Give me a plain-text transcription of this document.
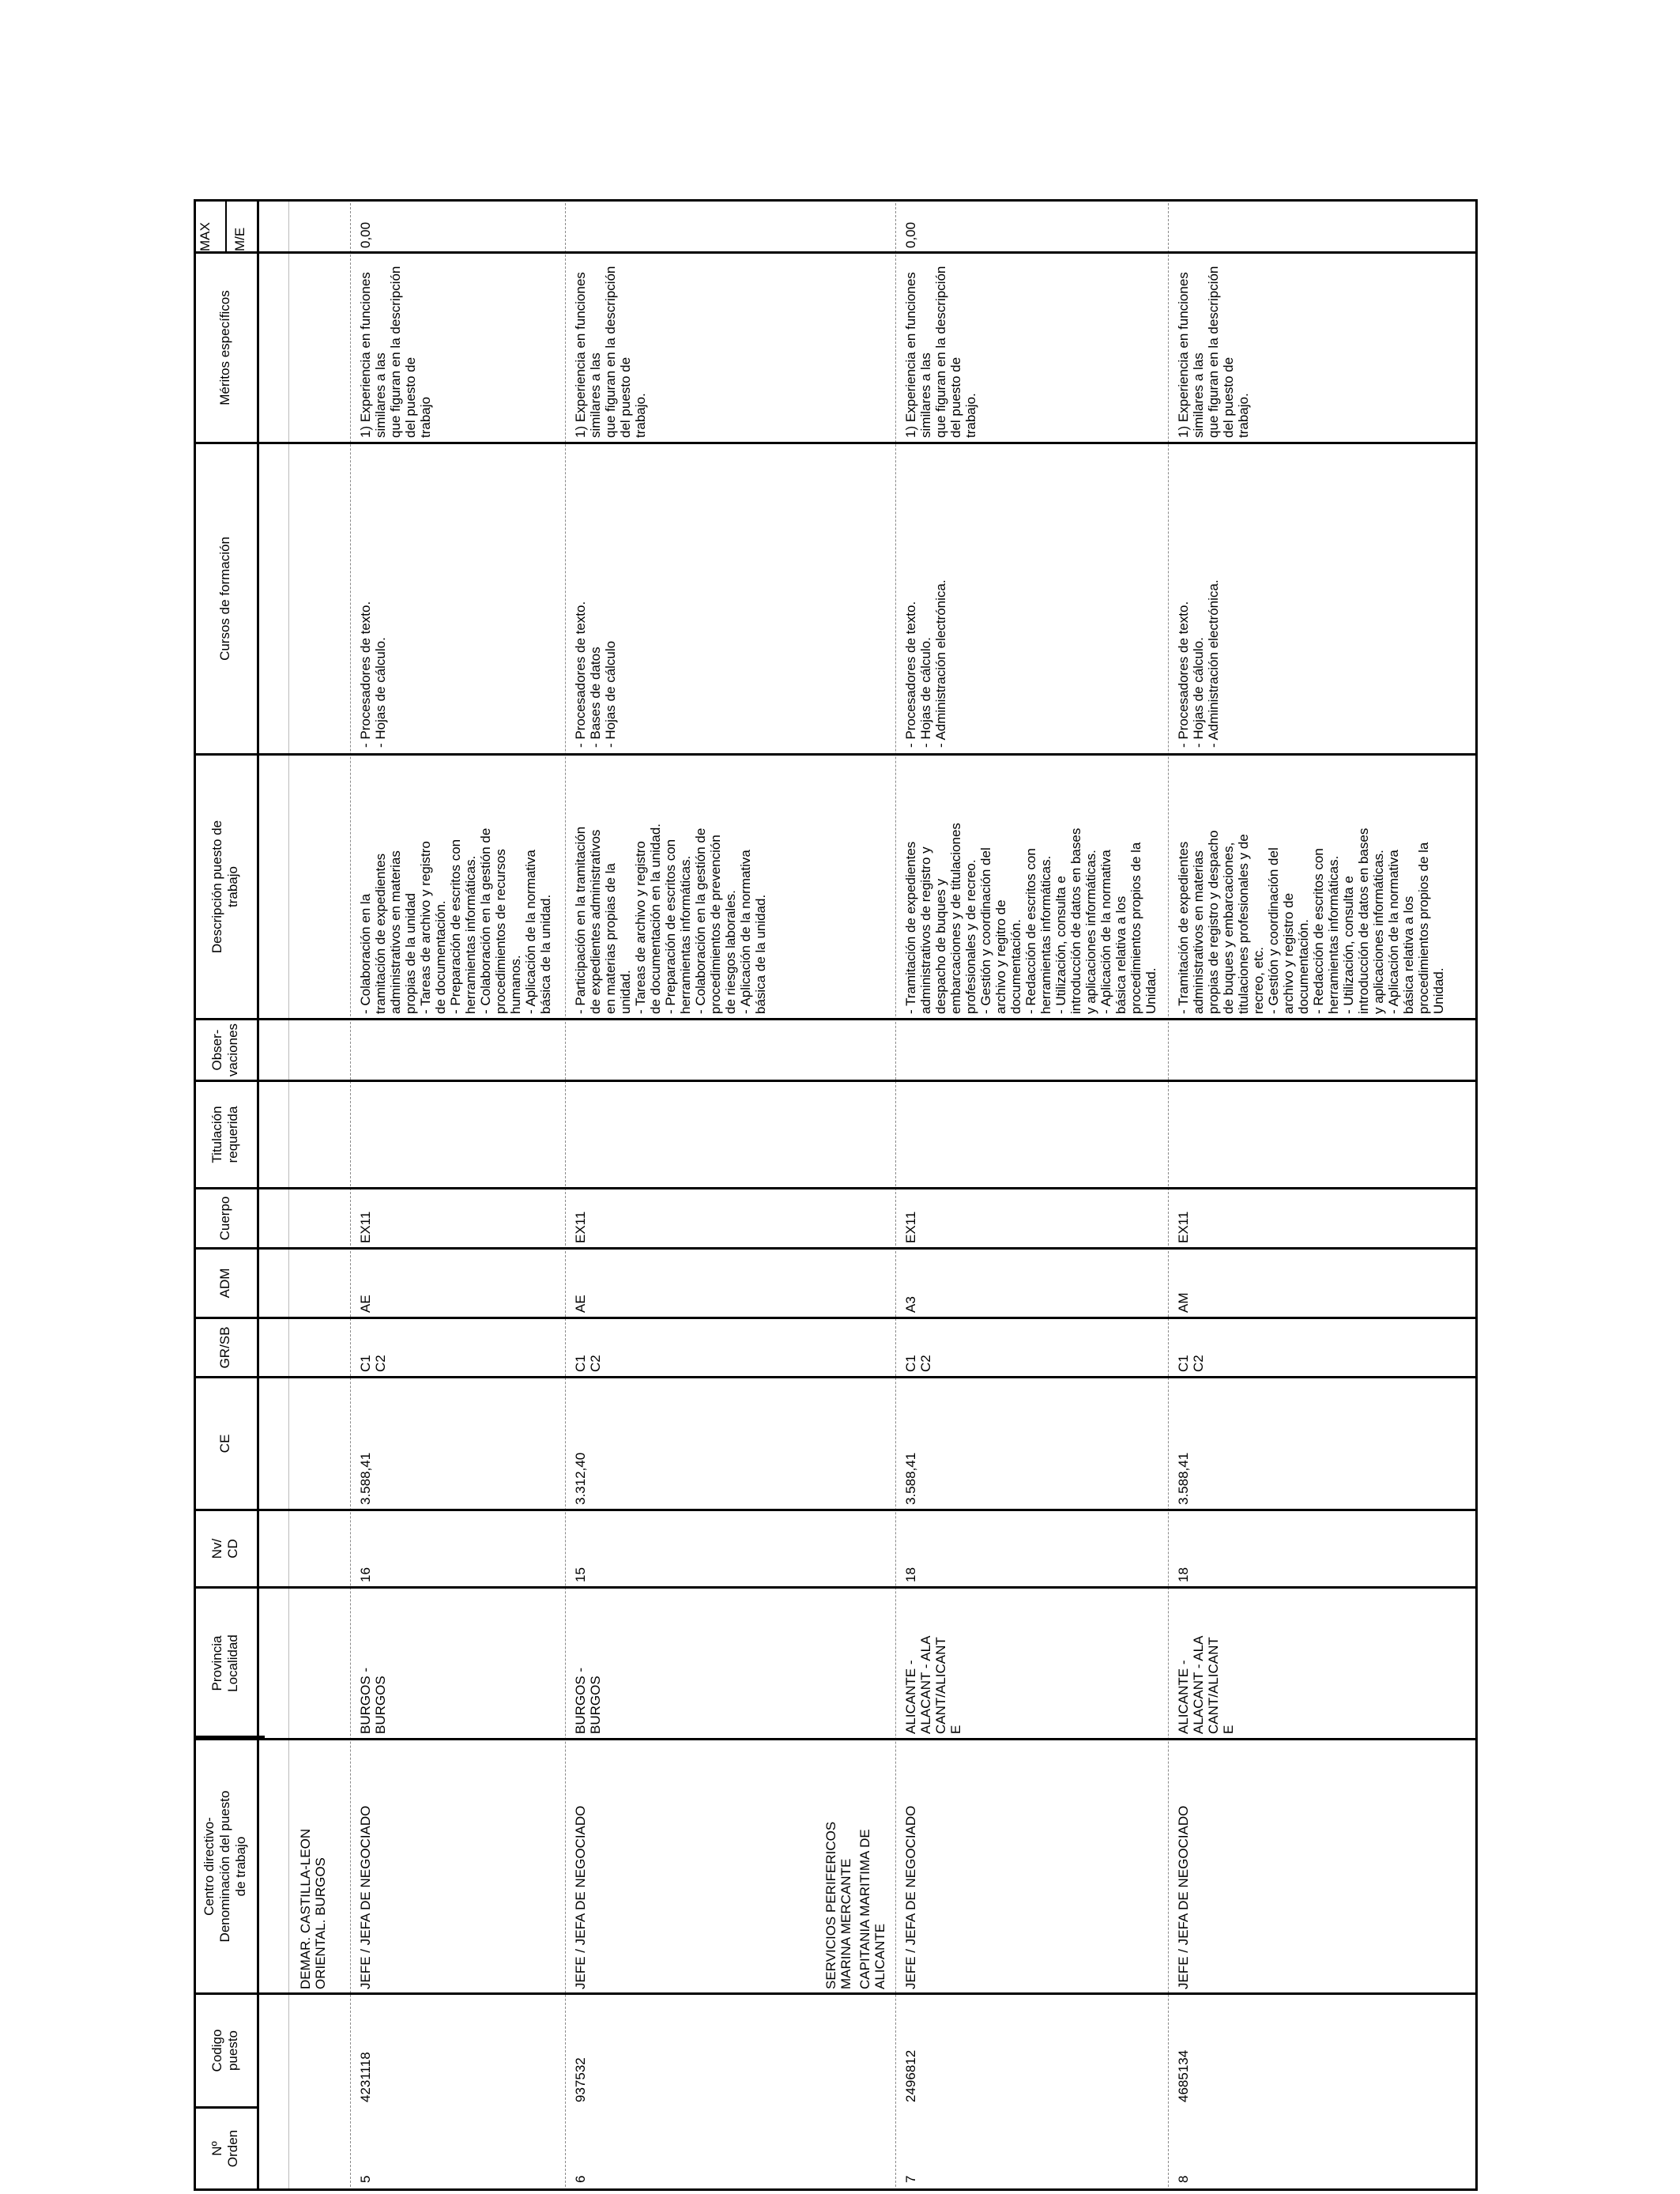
Nº
Orden
Codigo
puesto
Centro directivo-
Denominación del puesto
de trabajo
Provincia
Localidad
Nv/
CD
CE
GR/SB
ADM
Cuerpo
Titulación
requerida
Obser-
vaciones
Descripción puesto de
trabajo
Cursos de formación
Méritos específicos
MAX	M/E
DEMAR. CASTILLA-LEON
ORIENTAL. BURGOS
SERVICIOS PERIFERICOS
MARINA MERCANTE
CAPITANIA MARITIMA DE
ALICANTE
5
4231118
JEFE / JEFA DE NEGOCIADO
BURGOS -
BURGOS
16
3.588,41
C1
C2
AE
EX11
- Colaboración en la
tramitación de expedientes
administrativos en materias
propias de la unidad
- Tareas de archivo y registro
de documentación.
- Preparación de escritos con
herramientas informáticas.
- Colaboración en la gestión de
procedimientos de recursos
humanos.
- Aplicación de la normativa
básica de la unidad.
- Procesadores de texto.
- Hojas de cálculo.
1) Experiencia en funciones similares a las
que figuran en la descripción del puesto de
trabajo
0,00
6
937532
JEFE / JEFA DE NEGOCIADO
BURGOS -
BURGOS
15
3.312,40
C1
C2
AE
EX11
- Participación en la tramitación
de expedientes administrativos
en materias propias de la
unidad.
- Tareas de archivo y registro
de documentación en la unidad.
- Preparación de escritos con
herramientas informáticas.
- Colaboración en la gestión de
procedimientos de prevención
de riesgos laborales.
- Aplicación de la normativa
básica de la unidad.
- Procesadores de texto.
- Bases de datos
- Hojas de cálculo
1) Experiencia en funciones similares a las
que figuran en la descripción del puesto de
trabajo.
7
2496812
JEFE / JEFA DE NEGOCIADO
ALICANTE -
ALACANT - ALA
CANT/ALICANT
E
18
3.588,41
C1
C2
A3
EX11
- Tramitación de expedientes
administrativos de registro y
despacho de buques y
embarcaciones y de titulaciones
profesionales y de recreo.
- Gestión y coordinación del
archivo y regitro de
documentación.
- Redacción de escritos con
herramientas informáticas.
- Utilización, consulta e
introducción de datos en bases
y aplicaciones informáticas.
- Aplicación de la normativa
básica relativa a los
procedimientos propios de la
Unidad.
- Procesadores de texto.
- Hojas de cálculo.
- Administración electrónica.
1) Experiencia en funciones similares a las
que figuran en la descripción del puesto de
trabajo.
0,00
8
4685134
JEFE / JEFA DE NEGOCIADO
ALICANTE -
ALACANT - ALA
CANT/ALICANT
E
18
3.588,41
C1
C2
AM
EX11
- Tramitación de expedientes
administrativos en materias
propias de registro y despacho
de buques y embarcaciones,
titulaciones profesionales y de
recreo, etc.
- Gestión y coordinación del
archivo y registro de
documentación.
- Redacción de escritos con
herramientas informáticas.
- Utilización, consulta e
introducción de datos en bases
y aplicaciones informáticas.
- Aplicación de la normativa
básica relativa a los
procedimientos propios de la
Unidad.
- Procesadores de texto.
- Hojas de cálculo.
- Administración electrónica.
1) Experiencia en funciones similares a las
que figuran en la descripción del puesto de
trabajo.
